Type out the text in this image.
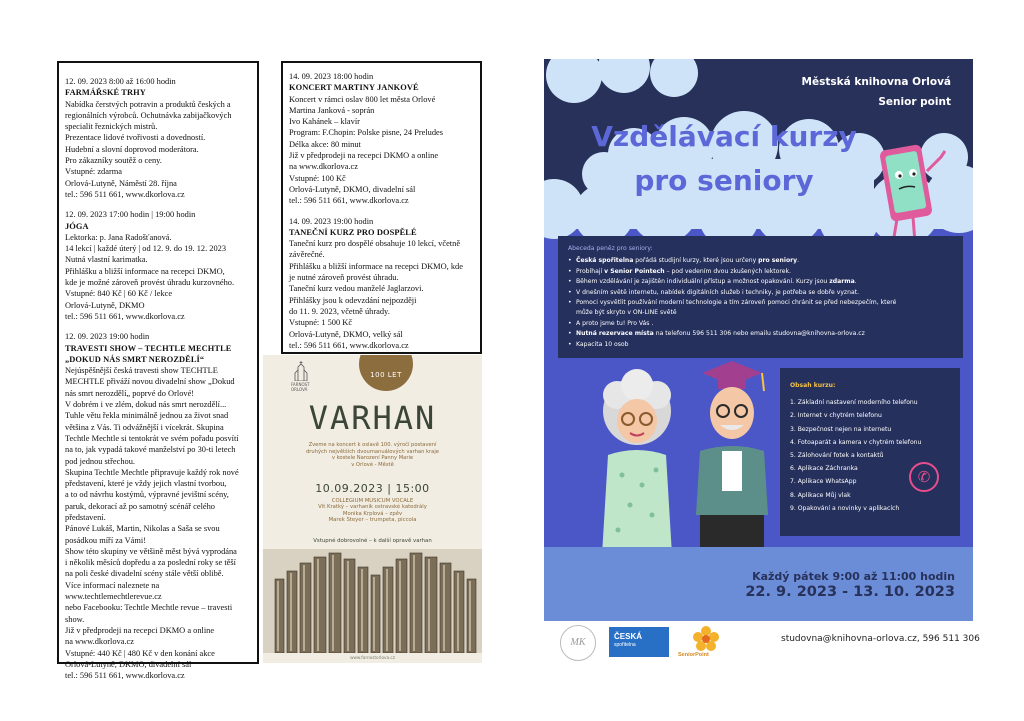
12. 09. 2023 8:00 až 16:00 hodin

FARMÁŘSKÉ TRHY

Nabídka čerstvých potravin a produktů českých a

regionálních výrobců. Ochutnávka zabijačkových

specialit řeznických mistrů.

Prezentace lidové tvořivosti a dovedností.

Hudební a slovní doprovod moderátora.

Pro zákazníky soutěž o ceny.

Vstupné: zdarma

Orlová-Lutyně, Náměstí 28. října

tel.: 596 511 661, www.dkorlova.cz

12. 09. 2023 17:00 hodin | 19:00 hodin

JÓGA

Lektorka: p. Jana Radošťanová.

14 lekcí | každé úterý | od 12. 9. do 19. 12. 2023

Nutná vlastní karimatka.

Přihlášku a bližší informace na recepci DKMO,

kde je možné zároveň provést úhradu kurzovného.

Vstupné: 840 Kč | 60 Kč / lekce

Orlová-Lutyně, DKMO

tel.: 596 511 661, www.dkorlova.cz

12. 09. 2023 19:00 hodin

TRAVESTI SHOW – TECHTLE MECHTLE

„DOKUD NÁS SMRT NEROZDĚLÍ“

Nejúspěšnější česká travesti show TECHTLE

MECHTLE přiváží novou divadelní show „Dokud

nás smrt nerozdělí„ poprvé do Orlové!

V dobrém i ve zlém, dokud nás smrt nerozdělí...

Tuhle větu řekla minimálně jednou za život snad

většina z Vás. Ti odvážnější i vícekrát. Skupina

Techtle Mechtle si tentokrát ve svém pořadu posvítí

na to, jak vypadá takové manželství po 30-ti letech

pod jednou střechou.

Skupina Techtle Mechtle připravuje každý rok nové

představení, které je vždy jejich vlastní tvorbou,

a to od návrhu kostýmů, výpravné jevištní scény,

paruk, dekorací až po samotný scénář celého

představení.

Pánové Lukáš, Martin, Nikolas a Saša se svou

posádkou míří za Vámi!

Show této skupiny ve většině měst bývá vyprodána

i několik měsíců dopředu a za poslední roky se těší

na poli české divadelní scény stále větší oblibě.

Více informací naleznete na

www.techtlemechtlerevue.cz

nebo Facebooku: Techtle Mechtle revue – travesti

show.

Již v předprodeji na recepci DKMO a online

na www.dkorlova.cz

Vstupné: 440 Kč | 480 Kč v den konání akce

Orlová-Lutyně, DKMO, divadelní sál

tel.: 596 511 661, www.dkorlova.cz

14. 09. 2023 18:00 hodin

KONCERT MARTINY JANKOVÉ

Koncert v rámci oslav 800 let města Orlové

Martina Janková - soprán

Ivo Kahánek – klavír

Program: F.Chopin: Polske pisne, 24 Preludes

Délka akce: 80 minut

Již v předprodeji na recepci DKMO a online

na www.dkorlova.cz

Vstupné: 100 Kč

Orlová-Lutyně, DKMO, divadelní sál

tel.: 596 511 661, www.dkorlova.cz

14. 09. 2023 19:00 hodin

TANEČNÍ KURZ PRO DOSPĚLÉ

Taneční kurz pro dospělé obsahuje 10 lekcí, včetně

závěrečné.

Přihlášku a bližší informace na recepci DKMO, kde

je nutné zároveň provést úhradu.

Taneční kurz vedou manželé Jaglarzovi.

Přihlášky jsou k odevzdání nejpozději

do 11. 9. 2023, včetně úhrady.

Vstupné: 1 500 Kč

Orlová-Lutyně, DKMO, velký sál

tel.: 596 511 661, www.dkorlova.cz

FARNOST ORLOVÁ
100 LET
VARHAN
Zveme na koncert k oslavě 100. výročí postavení
druhých největších dvoumanuálových varhan kraje
v kostele Narození Panny Marie
v Orlové - Městě
10.09.2023 | 15:00
COLLEGIUM MUSICUM VOCALE
Vít Kratký – varhaník ostravské katedrály
Monika Krplová – zpěv
Marek Steyer – trumpeta, piccola
Vstupné dobrovolné – k další opravě varhan
www.farnostorlova.cz
Městská knihovna Orlová
Senior point
Vzdělávací kurzy
pro seniory
Abeceda peněz pro seniory:
• Česká spořitelna pořádá studijní kurzy, které jsou určeny pro seniory.
• Probíhají v Senior Pointech – pod vedením dvou zkušených lektorek.
• Během vzdělávání je zajištěn individuální přístup a možnost opakování. Kurzy jsou zdarma.
• V dnešním světě internetu, nabídek digitálních služeb i techniky, je potřeba se dobře vyznat.
• Pomoci vysvětlit používání moderní technologie a tím zároveň pomoci chránit se před nebezpečím, které
může být skryto v ON-LINE světě
• A proto jsme tu! Pro Vás .
• Nutná rezervace místa na telefonu 596 511 306 nebo emailu studovna@knihovna-orlova.cz
• Kapacita 10 osob
Obsah kurzu:
1. Základní nastavení moderního telefonu
2. Internet v chytrém telefonu
3. Bezpečnost nejen na internetu
4. Fotoaparát a kamera v chytrém telefonu
5. Zálohování fotek a kontaktů
6. Aplikace Záchranka
7. Aplikace WhatsApp
8. Aplikace Můj vlak
9. Opakování a novinky v aplikacích
✆
Každý pátek 9:00 až 11:00 hodin
22. 9. 2023 - 13. 10. 2023
MK
ČESKÁ
spořitelna
SeniorPoint
studovna@knihovna-orlova.cz, 596 511 306
